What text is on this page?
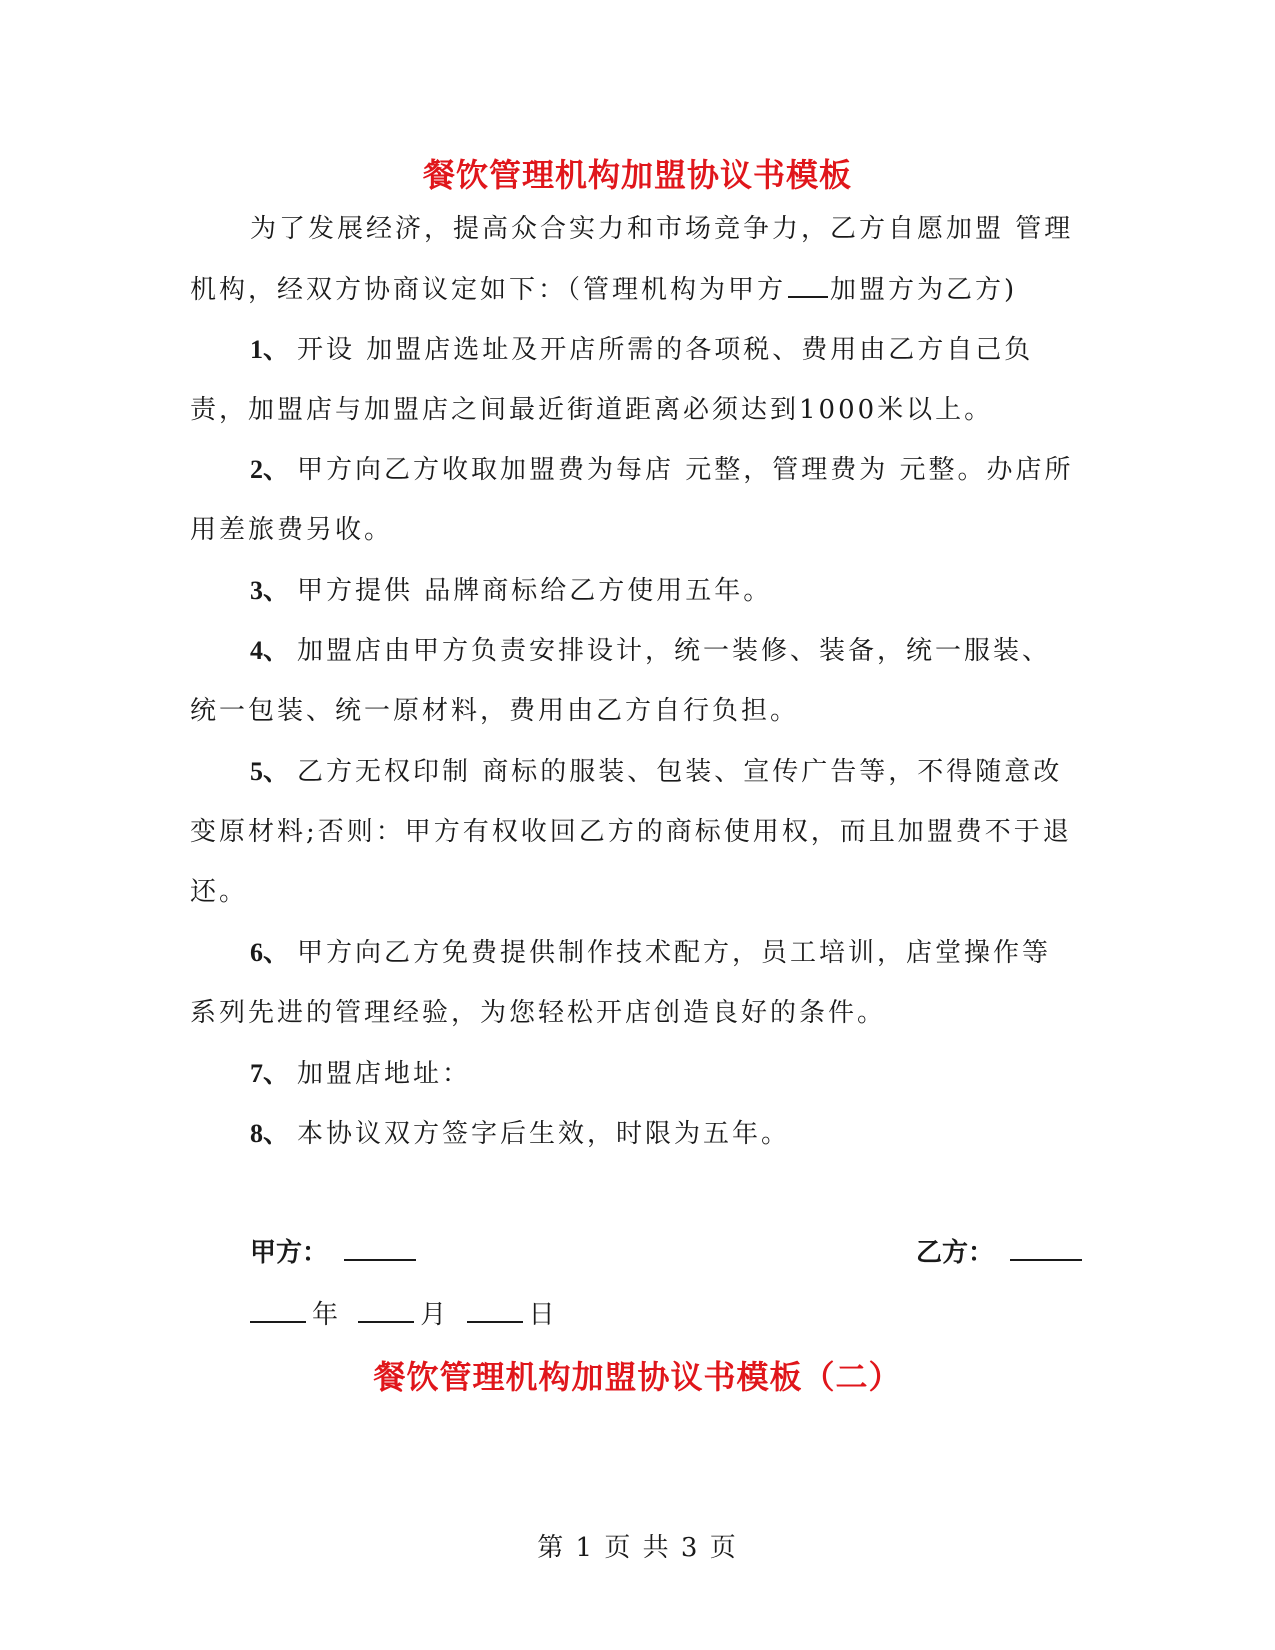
餐饮管理机构加盟协议书模板
为了发展经济，提高众合实力和市场竞争力，乙方自愿加盟 管理
机构，经双方协商议定如下：（管理机构为甲方 加盟方为乙方)
1、 开设 加盟店选址及开店所需的各项税、费用由乙方自己负
责，加盟店与加盟店之间最近街道距离必须达到1000米以上。
2、 甲方向乙方收取加盟费为每店 元整，管理费为 元整。办店所
用差旅费另收。
3、 甲方提供 品牌商标给乙方使用五年。
4、 加盟店由甲方负责安排设计，统一装修、装备，统一服装、
统一包装、统一原材料，费用由乙方自行负担。
5、 乙方无权印制 商标的服装、包装、宣传广告等，不得随意改
变原材料;否则：甲方有权收回乙方的商标使用权，而且加盟费不于退
还。
6、 甲方向乙方免费提供制作技术配方，员工培训，店堂操作等
系列先进的管理经验，为您轻松开店创造良好的条件。
7、 加盟店地址：
8、 本协议双方签字后生效，时限为五年。
甲方：	乙方：
年	月	日
餐饮管理机构加盟协议书模板（二）
第 1 页 共 3 页
